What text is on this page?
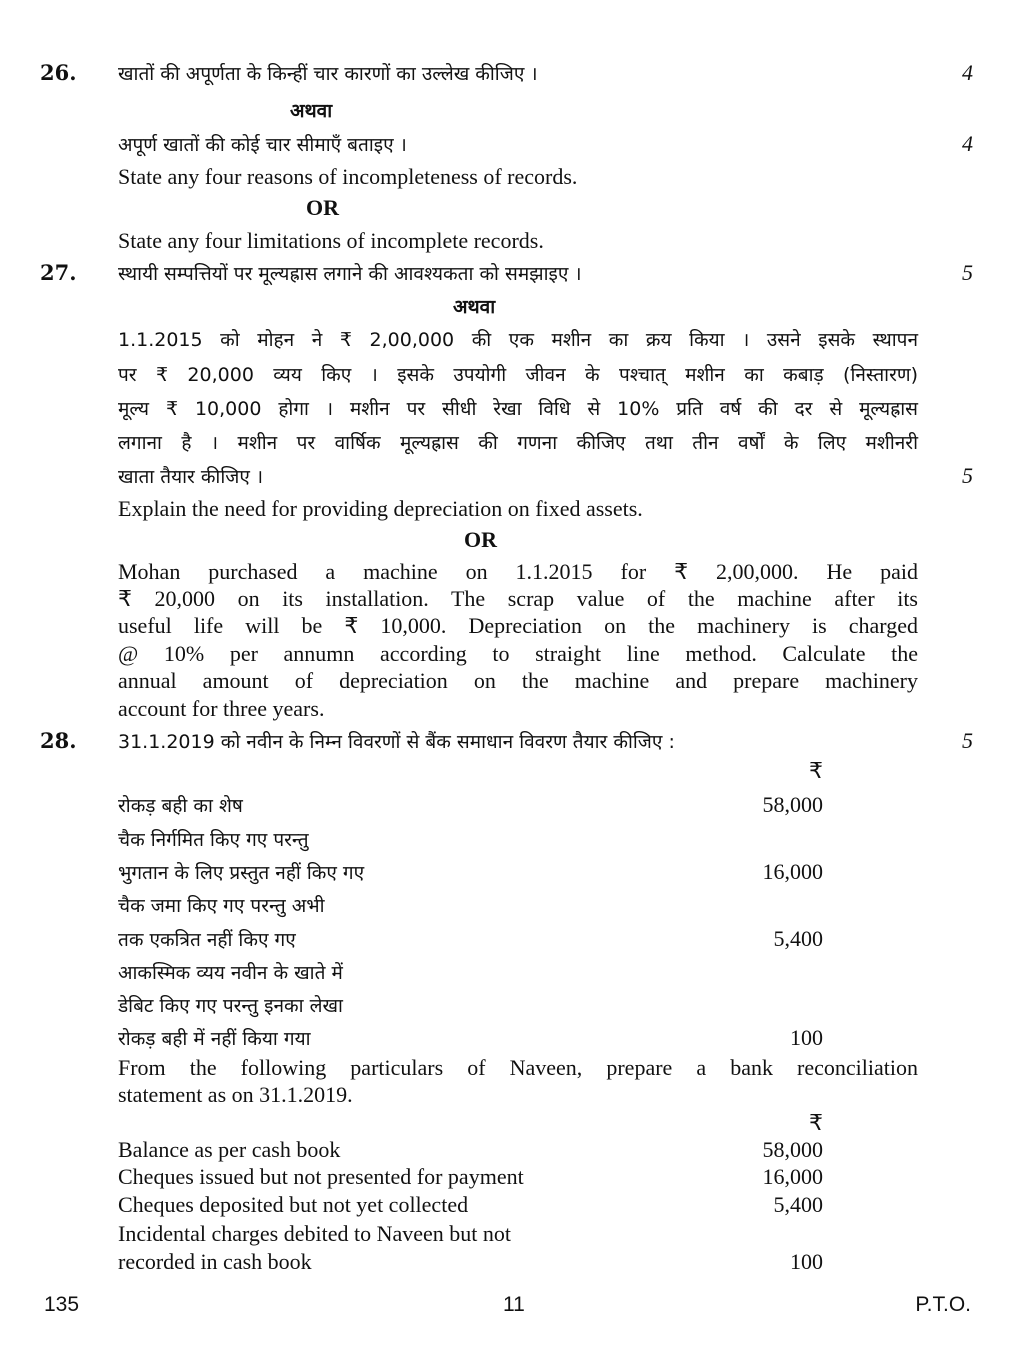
26. खातों की अपूर्णता के किन्हीं चार कारणों का उल्लेख कीजिए ।	4
अथवा
अपूर्ण खातों की कोई चार सीमाएँ बताइए ।	4
State any four reasons of incompleteness of records.
OR
State any four limitations of incomplete records.
27. स्थायी सम्पत्तियों पर मूल्यह्रास लगाने की आवश्यकता को समझाइए ।	5
अथवा
1.1.2015 को मोहन ने ₹ 2,00,000 की एक मशीन का क्रय किया । उसने इसके स्थापन
पर ₹ 20,000 व्यय किए । इसके उपयोगी जीवन के पश्चात् मशीन का कबाड़ (निस्तारण)
मूल्य ₹ 10,000 होगा । मशीन पर सीधी रेखा विधि से 10% प्रति वर्ष की दर से मूल्यह्रास
लगाना है । मशीन पर वार्षिक मूल्यह्रास की गणना कीजिए तथा तीन वर्षों के लिए मशीनरी
खाता तैयार कीजिए ।	5
Explain the need for providing depreciation on fixed assets.
OR
Mohan purchased a machine on 1.1.2015 for ₹ 2,00,000. He paid
₹ 20,000 on its installation. The scrap value of the machine after its
useful life will be ₹ 10,000. Depreciation on the machinery is charged
@ 10% per annumn according to straight line method. Calculate the
annual amount of depreciation on the machine and prepare machinery
account for three years.
28. 31.1.2019 को नवीन के निम्न विवरणों से बैंक समाधान विवरण तैयार कीजिए :	5
₹
रोकड़ बही का शेष	58,000
चैक निर्गमित किए गए परन्तु
भुगतान के लिए प्रस्तुत नहीं किए गए	16,000
चैक जमा किए गए परन्तु अभी
तक एकत्रित नहीं किए गए	5,400
आकस्मिक व्यय नवीन के खाते में
डेबिट किए गए परन्तु इनका लेखा
रोकड़ बही में नहीं किया गया	100
From the following particulars of Naveen, prepare a bank reconciliation
statement as on 31.1.2019.
₹
Balance as per cash book	58,000
Cheques issued but not presented for payment	16,000
Cheques deposited but not yet collected	5,400
Incidental charges debited to Naveen but not
recorded in cash book	100
135	11	P.T.O.
